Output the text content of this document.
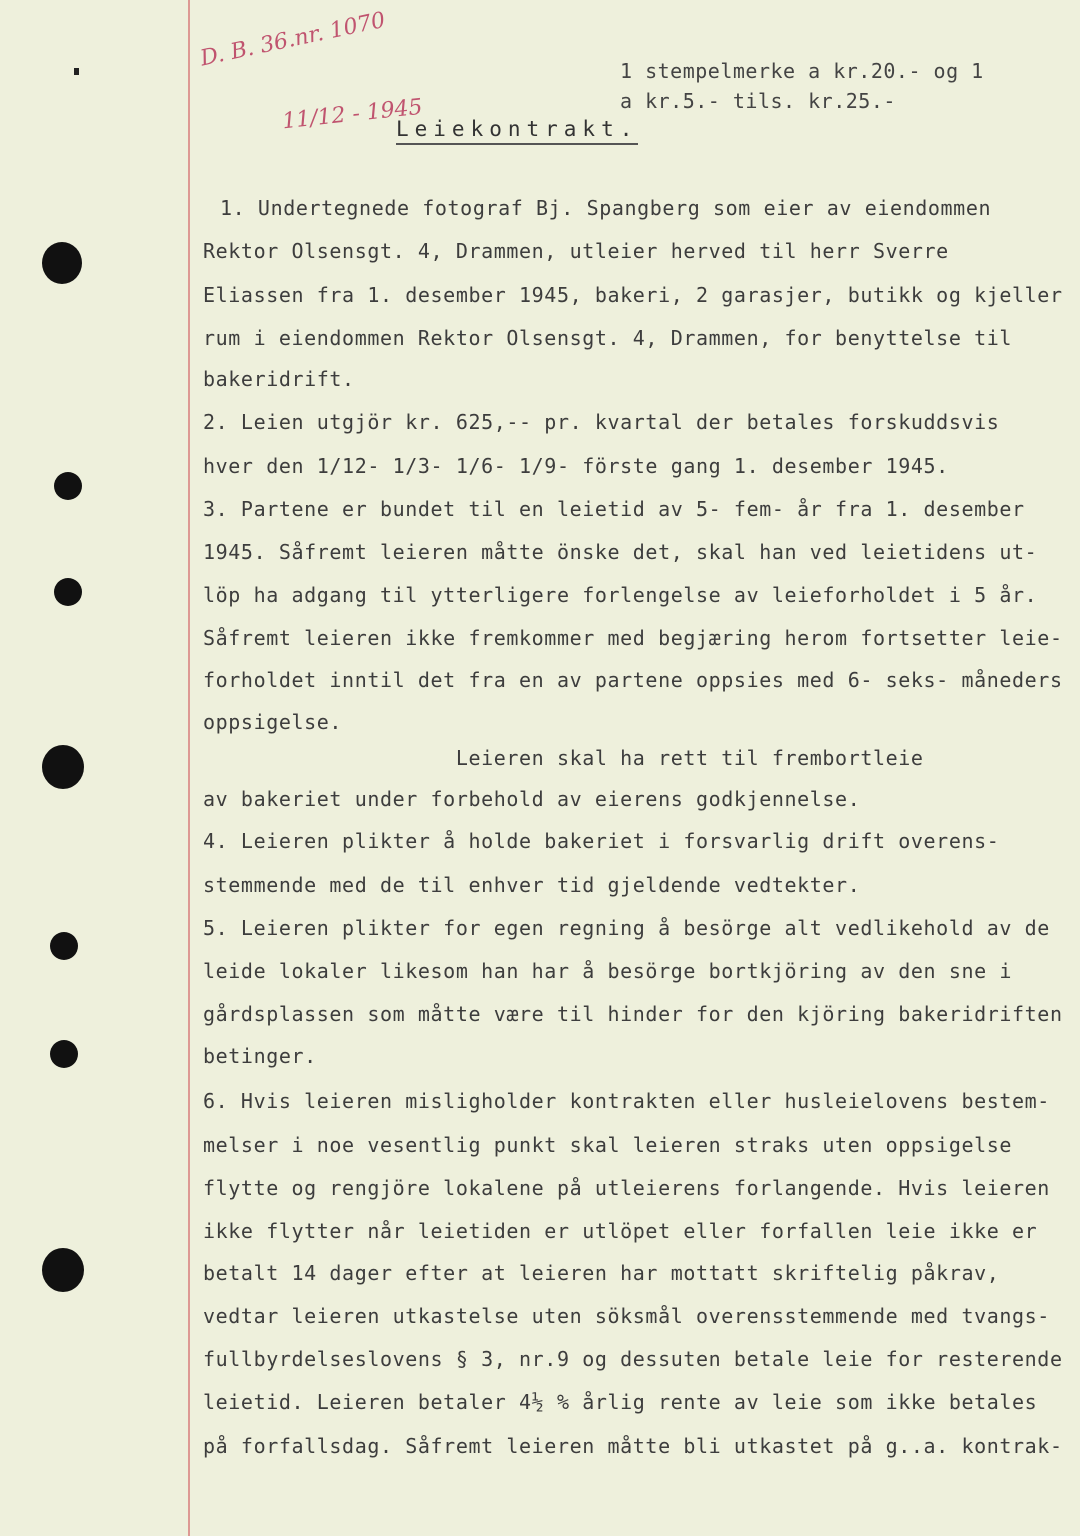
1 stempelmerke a kr.20.- og 1
a kr.5.- tils. kr.25.-
D. B. 36.nr. 1070
11/12 - 1945
Leiekontrakt.
1. Undertegnede fotograf Bj. Spangberg som eier av eiendommen
Rektor Olsensgt. 4, Drammen, utleier herved til herr Sverre
Eliassen fra 1. desember 1945, bakeri, 2 garasjer, butikk og kjeller
rum i eiendommen Rektor Olsensgt. 4, Drammen, for benyttelse til
bakeridrift.
2. Leien utgjör kr. 625,-- pr. kvartal der betales forskuddsvis
hver den 1/12- 1/3- 1/6- 1/9- förste gang 1. desember 1945.
3. Partene er bundet til en leietid av 5- fem- år fra 1. desember
1945. Såfremt leieren måtte önske det, skal han ved leietidens ut-
löp ha adgang til ytterligere forlengelse av leieforholdet i 5 år.
Såfremt leieren ikke fremkommer med begjæring herom fortsetter leie-
forholdet inntil det fra en av partene oppsies med 6- seks- måneders
oppsigelse.
Leieren skal ha rett til frembortleie
av bakeriet under forbehold av eierens godkjennelse.
4. Leieren plikter å holde bakeriet i forsvarlig drift overens-
stemmende med de til enhver tid gjeldende vedtekter.
5. Leieren plikter for egen regning å besörge alt vedlikehold av de
leide lokaler likesom han har å besörge bortkjöring av den sne i
gårdsplassen som måtte være til hinder for den kjöring bakeridriften
betinger.
6. Hvis leieren misligholder kontrakten eller husleielovens bestem-
melser i noe vesentlig punkt skal leieren straks uten oppsigelse
flytte og rengjöre lokalene på utleierens forlangende. Hvis leieren
ikke flytter når leietiden er utlöpet eller forfallen leie ikke er
betalt 14 dager efter at leieren har mottatt skriftelig påkrav,
vedtar leieren utkastelse uten söksmål overensstemmende med tvangs-
fullbyrdelseslovens § 3, nr.9 og dessuten betale leie for resterende
leietid. Leieren betaler 4½ % årlig rente av leie som ikke betales
på forfallsdag. Såfremt leieren måtte bli utkastet på g..a. kontrak-
